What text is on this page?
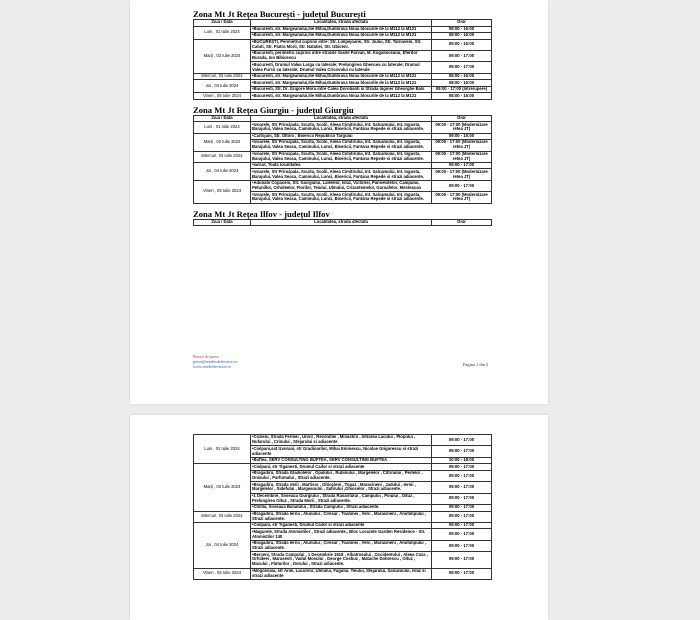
Zona Mt Jt Rețea București - județul București
Ziua / Data	Localitatea, strada afectata	Orar
Luni , 01 Iulie 2024	•Bucuresti, str. Margeanului,Ilie Mihai,Dumbrava Noua blocurile de la M112 la M121	08:00 - 16:00
	•Bucuresti, str. Margeanului,Ilie Mihai,Dumbrava Noua blocurile de la M112 la M121	08:00 - 16:00
Marți , 02 Iulie 2024	•BUCUREȘTI, Perimetrul cuprins intre: Str. Limpejoarei, Str. Jiului, Str. Tarnaveni, Str. Caluti, Str. Piatra Morii, Str. Natatiei, Str. Izbiceni.	09:00 - 15:00
	•Bucuresti, perimetru cuprins intre strazile Vasile Parvan, M. Kogalniceanu, Eferdor Burada, Ion Bibicescu	09:00 - 17:00
	•Bucuresti, Drumul Valea Larga cu laterale; Prelungirea Ghencea cu laterale; Drumul Valea Furcii cu laterale; Drumul Valea Cricovului cu laterale	09:00 - 17:00
Miercuri, 03 Iulie 2024	•Bucuresti, str. Margeanului,Ilie Mihai,Dumbrava Noua blocurile de la M112 la M121	08:00 - 16:00
Joi , 04 Iulie 2024	•Bucuresti, str. Margeanului,Ilie Mihai,Dumbrava Noua blocurile de la M112 la M121	08:00 - 16:00
	•Bucuresti, Str. Dr. Grigore Mora intre Calea Dorobanti si Strada Inginer Gheorghe Bals	09:00 - 17:00 (Intrerupere)
Vineri , 05 Iulie 2024	•Bucuresti, str. Margeanului,Ilie Mihai,Dumbrava Noua blocurile de la M112 la M121	08:00 - 16:00
Zona Mt Jt Rețea Giurgiu - județul Giurgiu
Ziua / Data	Localitatea, strada afectata	Orar
Luni , 01 Iulie 2024	•Ivoarele, Str Principala, Scurta, Scolii, Aleea Cimitirului, Int. Salcamului, Int. Ingusta, Barajului, Valea Seaca, Caminului, Lunci, Bisericii, Fantana Repede si strazi adiacente.	09:00 - 17:00 (Modernizare retea JT)
Marți , 02 Iulie 2024	•Cartojani, Str. Oltoni ; Bisericii Republicii Targului	09:00 - 15:00
	•Ivoarele, Str Principala, Scurta, Scolii, Aleea Cimitirului, Int. Salcamului, Int. Ingusta, Barajului, Valea Seaca, Caminului, Lunci, Bisericii, Fantana Repede si strazi adiacente.	09:00 - 17:00 (Modernizare retea JT)
Miercuri, 03 Iulie 2024	•Ivoarele, Str Principala, Scurta, Scolii, Aleea Cimitirului, Int. Salcamului, Int. Ingusta, Barajului, Valea Seaca, Caminului, Lunci, Bisericii, Fantana Repede si strazi adiacente.	09:00 - 17:00 (Modernizare retea JT)
Joi , 04 Iulie 2024	•Iancul, Toata localitatea	09:00 - 17:00
	•Ivoarele, Str Principala, Scurta, Scolii, Aleea Cimitirului, Int. Salcamului, Int. Ingusta, Barajului, Valea Seaca, Caminului, Lunci, Bisericii, Fantana Repede si strazi adiacente.	09:00 - 17:00 (Modernizare retea JT)
Vineri , 05 Iulie 2024	•Adunatii Copaceni, Str. Giurgiului, Lalelelor, Islaz, Victoriei, Panselutelor, Campului, Petunillor, Orhideelor, Florilor, Teiului, Ulmului, Crizantemelor, Garoafelor, Mesteacan	09:00 - 17:00
	•Ivoarele, Str Principala, Scurta, Scolii, Aleea Cimitirului, Int. Salcamului, Int. Ingusta, Barajului, Valea Seaca, Caminului, Lunci, Bisericii, Fantana Repede si strazi adiacente.	09:00 - 17:00 (Modernizare retea JT)
Zona Mt Jt Rețea Ilfov - județul Ilfov
Ziua / Data	Localitatea, strada afectata	Orar
Biroul de presa
presa@retelesdelectrice.ro
www.reteleelectrice.ro	Pagina 1 din 2
Luni , 01 Iulie 2024	•Cozieni, Strada Fermei , Unirii , Revolutiei , Minastirii , Intrarea Lacului , Plopului , Nufarului , Crinului , Stejarului si adiacente	09:00 - 17:00
	•Ciolpani,sat Izvorani, str Gradinarilor, Mihai Eminescu, Nicolae Grigorescu si strazi adiacente	09:00 - 17:00
	•Buftea, SERV CONSULTING BUFTEA, SERV CONSULTING BUFTEA	10:00 - 18:00
Marți , 02 Iulie 2024	•Ciolpani, str Tiganesti, Drumul Cailor si strazi adiacente	09:00 - 17:00
	•Bragadiru, Strada Gladiolelor , Opalului , Rubinului , Margelelor , Citrinului , Perlelor , Onixului , Parfumului , Strazi adiacente.	09:00 - 17:00
	•Bragadiru, Strada Verii , Martisor , Ghiocleni , Topaz , Maracineni , Jadului , Iernii , Margelelor , Sidefului , Margeanului , Safirului ,Ghiocelor , Strazi adiacente.	09:00 - 17:00
	•1 Decembrie, Soseaua Giurgiului , Strada Rasaritului , Campului , Pinului , Oituz , Prelungirea Oituz , Strada Morii , Strazi adiacente.	09:00 - 17:00
	•Chitila, Soseaua Banatului , Strada Campului , Strazi adiacente.	09:00 - 17:00
Miercuri, 03 Iulie 2024	•Bragadiru, Strada Iernii , Alunului , Ciresar , Toamnei , Verii , Maracineni , Anotimpului , Strazi adiacente.	09:00 - 17:00
Joi , 04 Iulie 2024	•Ciolpani, str Tiganesti, Drumul Cailor si strazi adiacente	09:00 - 17:00
	•Magurele, Strada Atomistilor , Strazi adiacente., Bloc Locuinte Garden Residence - Str. Atomistilor 140	09:00 - 17:00
	•Bragadiru, Strada Iernii , Alunului , Ciresar , Toamnei , Verii , Maracineni , Anotimpului , Strazi adiacente.	09:00 - 17:00
	•Berceni, Strada Campului , 1 Decembrie 1918 , Albatrosului , Occidentului , Aleea Cuza , Orhideei , Marasesti , Vadul Mosului , George Cosbuc , Matache Dobrescu , Oituz , Macului , Fluturilor , Dorului , Strazi adiacente.	09:00 - 17:00
Vineri , 05 Iulie 2024	•Mogosoaia, str Ariei, Lacurilor, Ulmului, Fagului, Teiului, Stejarului, Salcamului, Islaz si strazi adiacente	09:00 - 17:00
